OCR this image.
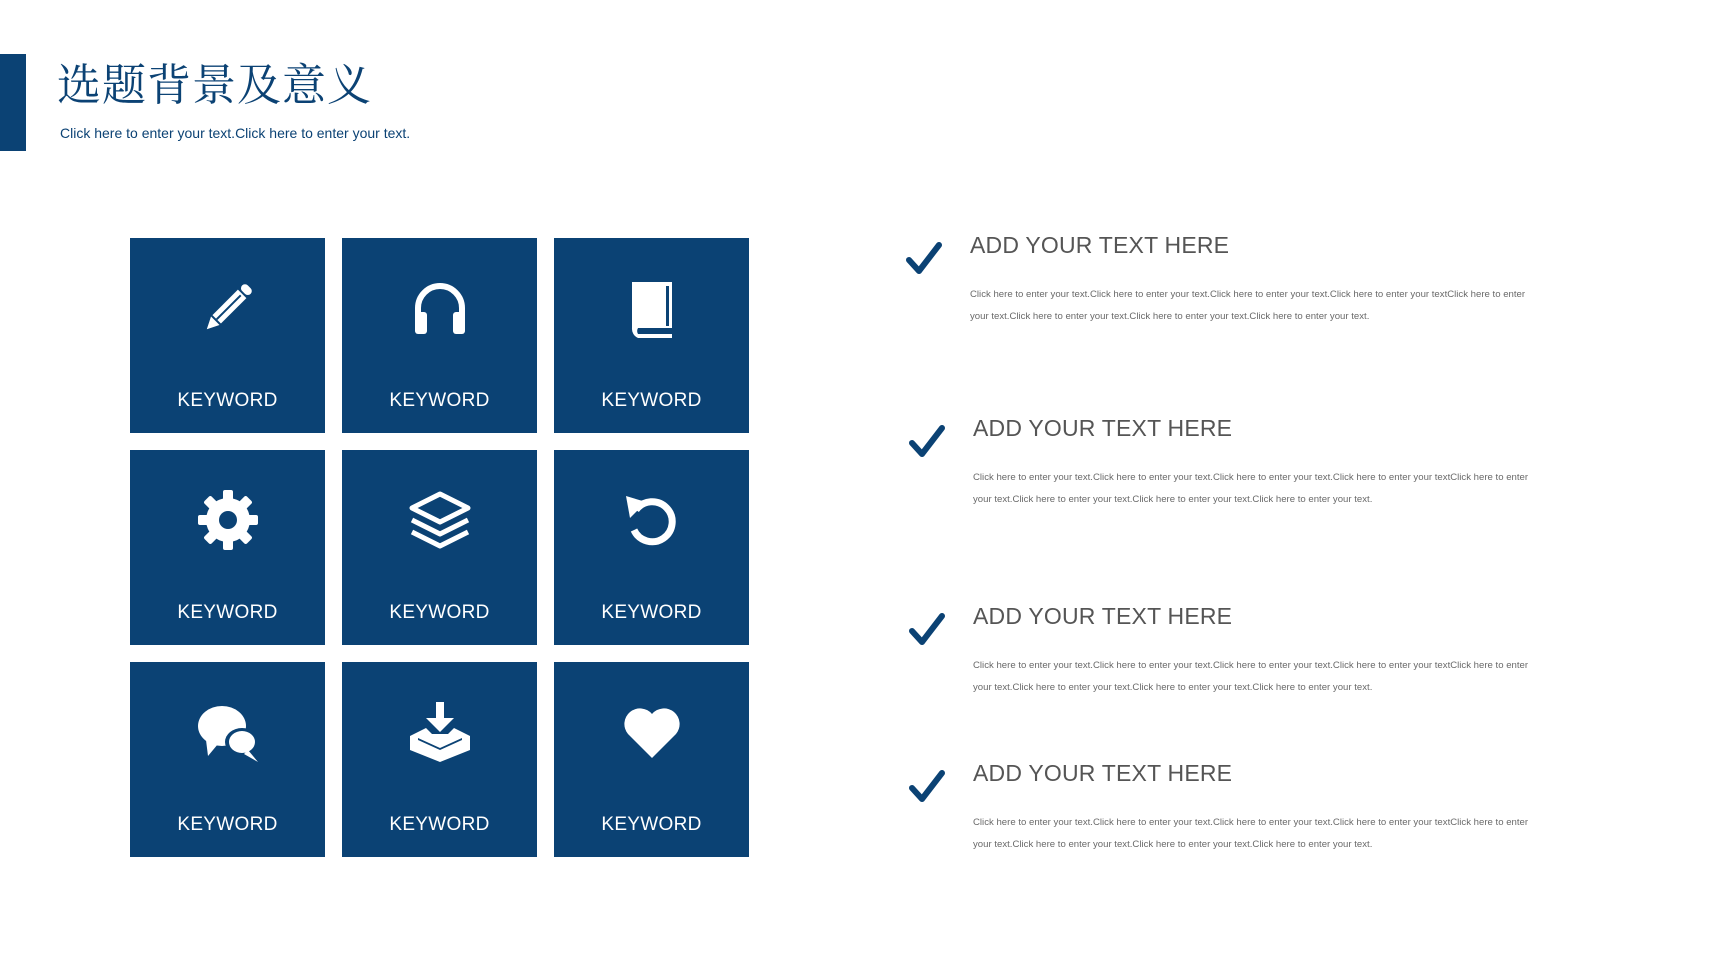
选题背景及意义
Click here to enter your text.Click here to enter your text.
KEYWORD	KEYWORD	KEYWORD
KEYWORD	KEYWORD	KEYWORD
KEYWORD	KEYWORD	KEYWORD
ADD YOUR TEXT HERE
Click here to enter your text.Click here to enter your text.Click here to enter your text.Click here to enter your textClick here to enter your text.Click here to enter your text.Click here to enter your text.Click here to enter your text.
ADD YOUR TEXT HERE
Click here to enter your text.Click here to enter your text.Click here to enter your text.Click here to enter your textClick here to enter your text.Click here to enter your text.Click here to enter your text.Click here to enter your text.
ADD YOUR TEXT HERE
Click here to enter your text.Click here to enter your text.Click here to enter your text.Click here to enter your textClick here to enter your text.Click here to enter your text.Click here to enter your text.Click here to enter your text.
ADD YOUR TEXT HERE
Click here to enter your text.Click here to enter your text.Click here to enter your text.Click here to enter your textClick here to enter your text.Click here to enter your text.Click here to enter your text.Click here to enter your text.
